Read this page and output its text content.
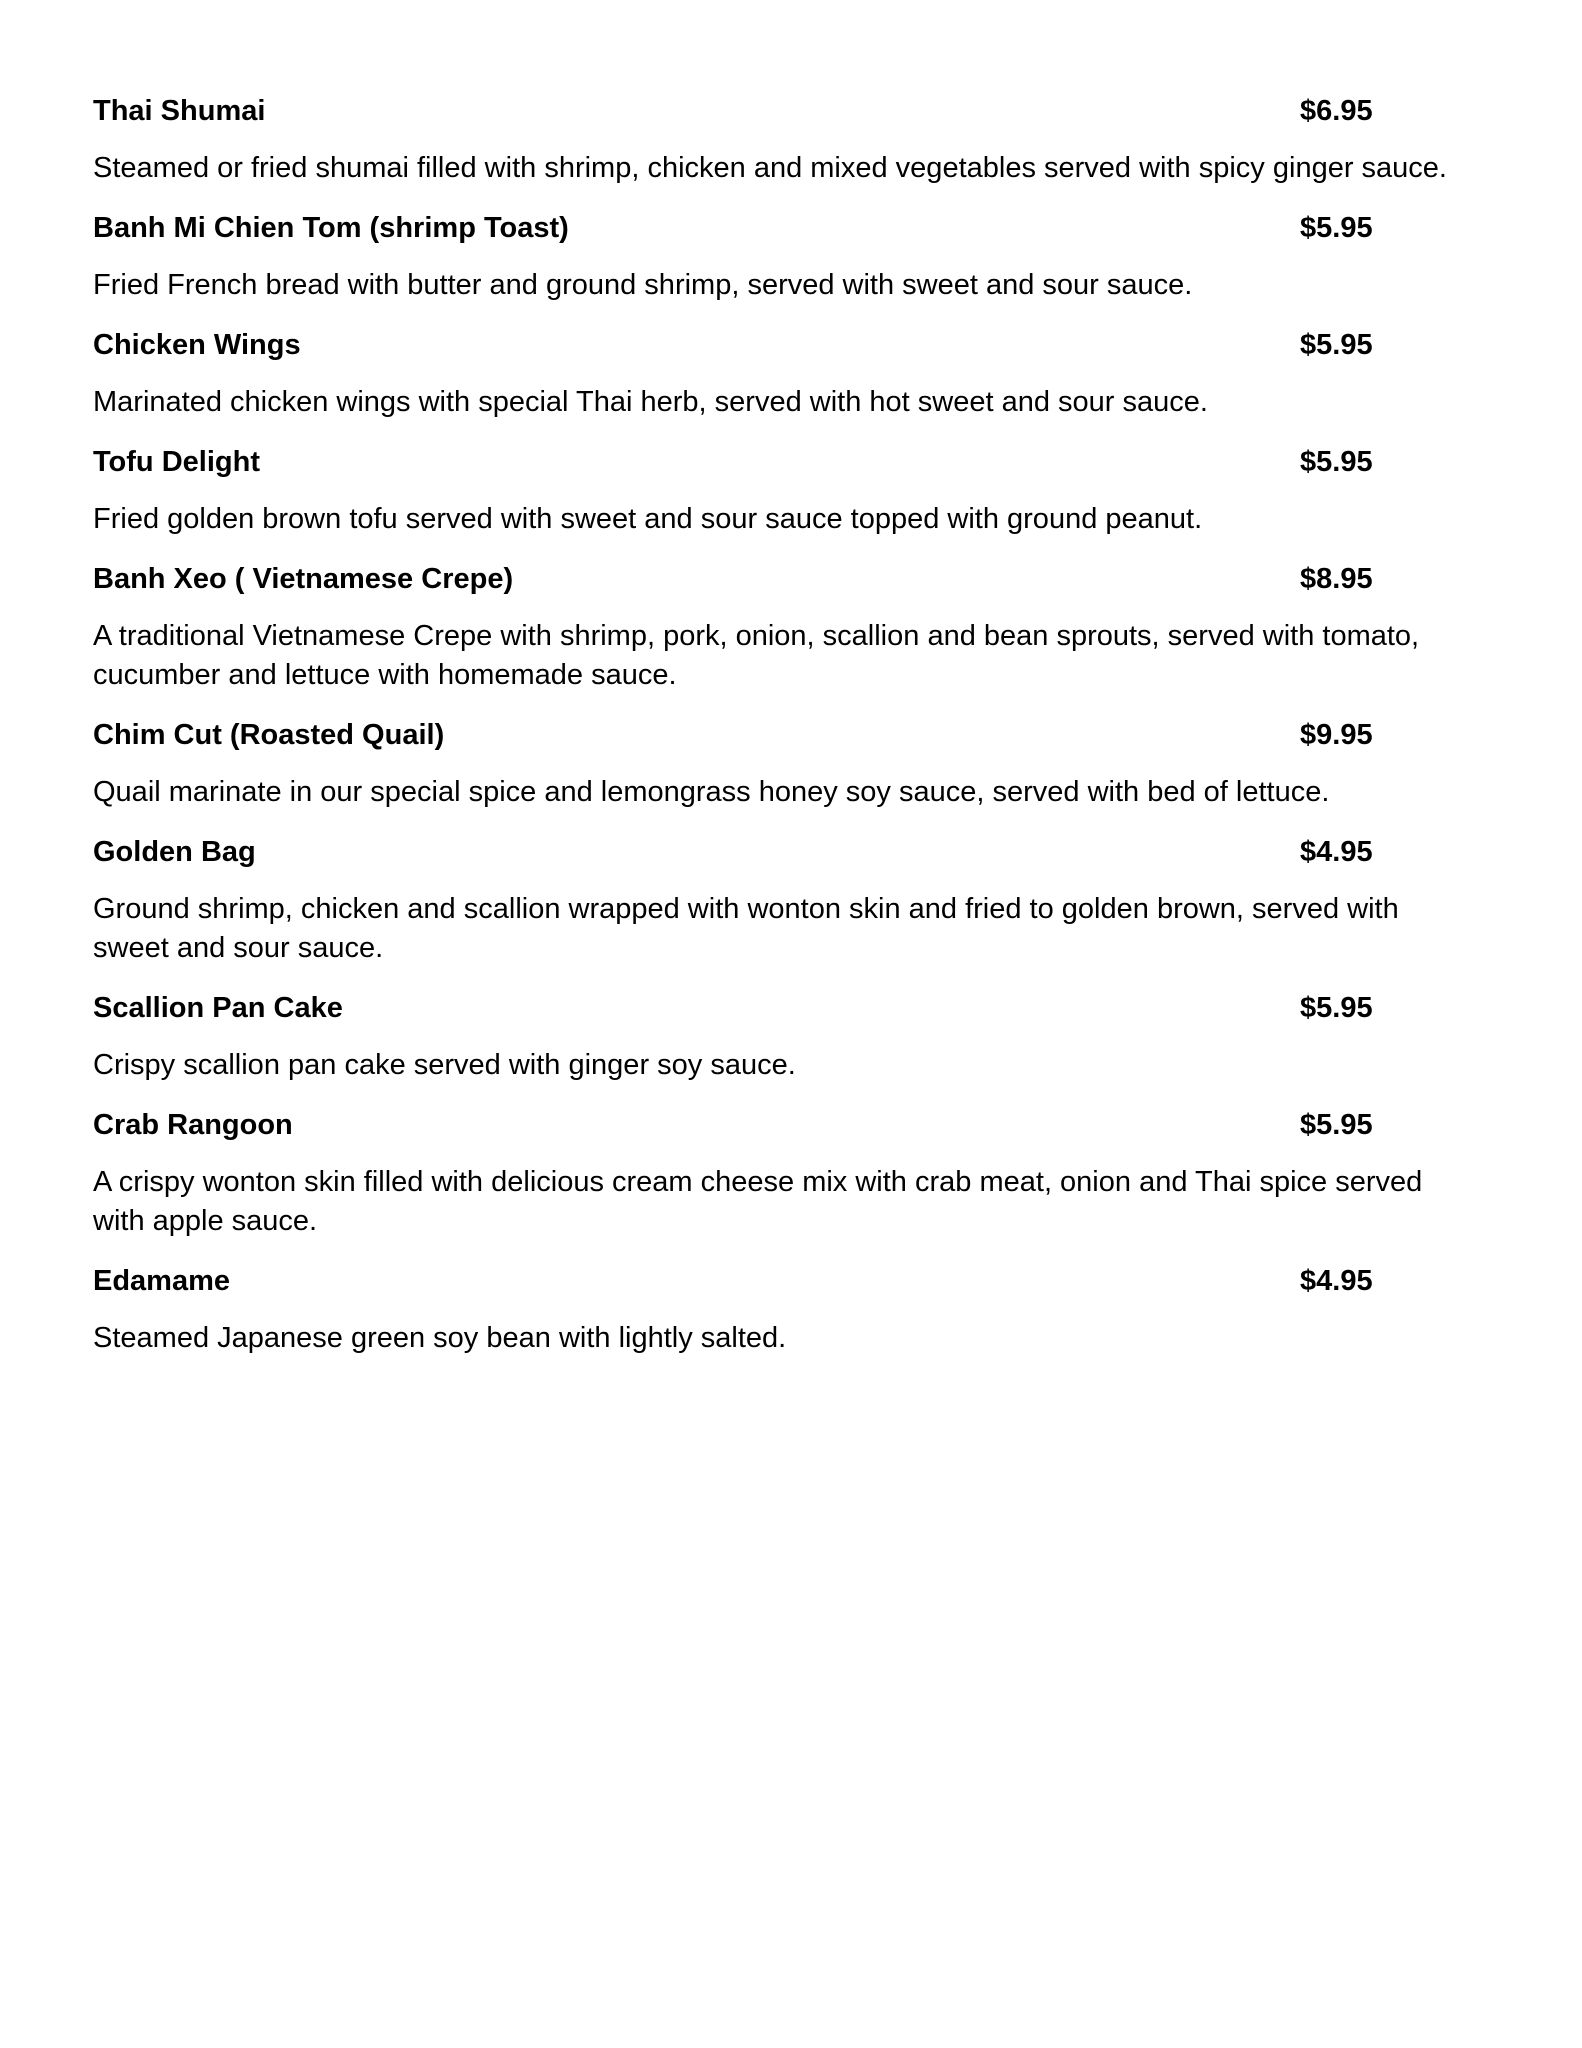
Thai Shumai	$6.95
Steamed or fried shumai filled with shrimp, chicken and mixed vegetables served with spicy ginger sauce.
Banh Mi Chien Tom (shrimp Toast)	$5.95
Fried French bread with butter and ground shrimp, served with sweet and sour sauce.
Chicken Wings	$5.95
Marinated chicken wings with special Thai herb, served with hot sweet and sour sauce.
Tofu Delight	$5.95
Fried golden brown tofu served with sweet and sour sauce topped with ground peanut.
Banh Xeo ( Vietnamese Crepe)	$8.95
A traditional Vietnamese Crepe with shrimp, pork, onion, scallion and bean sprouts, served with tomato, cucumber and lettuce with homemade sauce.
Chim Cut (Roasted Quail)	$9.95
Quail marinate in our special spice and lemongrass honey soy sauce, served with bed of lettuce.
Golden Bag	$4.95
Ground shrimp, chicken and scallion wrapped with wonton skin and fried to golden brown, served with sweet and sour sauce.
Scallion Pan Cake	$5.95
Crispy scallion pan cake served with ginger soy sauce.
Crab Rangoon	$5.95
A crispy wonton skin filled with delicious cream cheese mix with crab meat, onion and Thai spice served with apple sauce.
Edamame	$4.95
Steamed Japanese green soy bean with lightly salted.
